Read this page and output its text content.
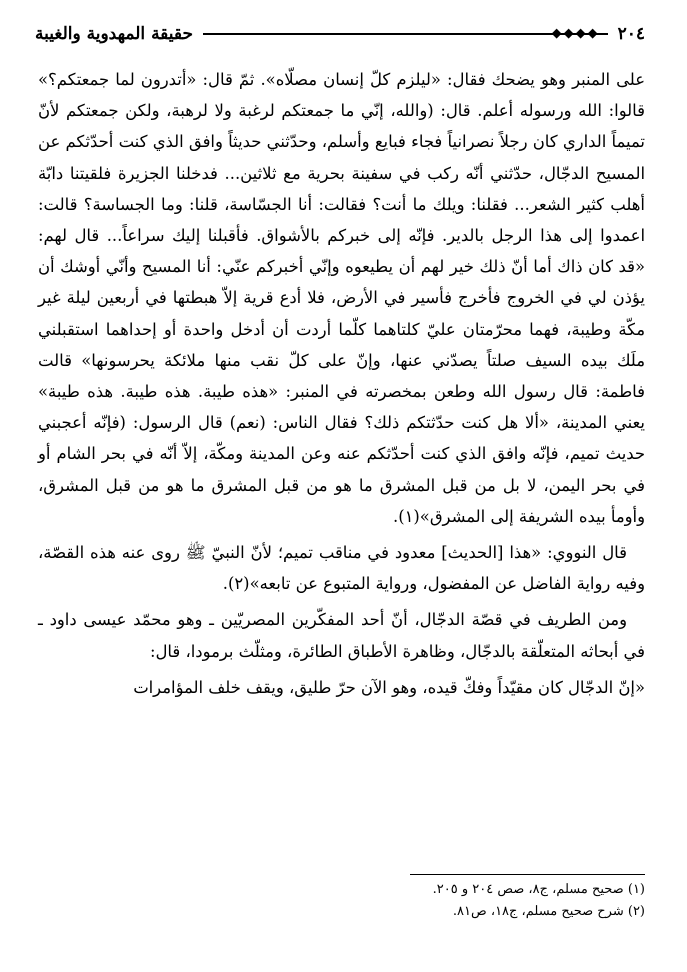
٢٠٤
◆◆◆◆
حقيقة المهدوية والغيبة

على المنبر وهو يضحك فقال: «ليلزم كلّ إنسان مصلّاه». ثمّ قال: «أتدرون لما جمعتكم؟» قالوا: الله ورسوله أعلم. قال: (والله، إنّي ما جمعتكم لرغبة ولا لرهبة، ولكن جمعتكم لأنّ تميماً الداري كان رجلاً نصرانياً فجاء فبايع وأسلم، وحدّثني حديثاً وافق الذي كنت أحدّثكم عن المسيح الدجّال، حدّثني أنّه ركب في سفينة بحرية مع ثلاثين... فدخلنا الجزيرة فلقيتنا دابّة أهلب كثير الشعر... فقلنا: ويلك ما أنت؟ فقالت: أنا الجسّاسة، قلنا: وما الجساسة؟ قالت: اعمدوا إلى هذا الرجل بالدير. فإنّه إلى خبركم بالأشواق. فأقبلنا إليك سراعاً... قال لهم: «قد كان ذاك أما أنّ ذلك خير لهم أن يطيعوه وإنّي أخبركم عنّي: أنا المسيح وأنّي أوشك أن يؤذن لي في الخروج فأخرج فأسير في الأرض، فلا أدع قرية إلاّ هبطتها في أربعين ليلة غير مكّة وطيبة، فهما محرّمتان عليّ كلتاهما كلّما أردت أن أدخل واحدة أو إحداهما استقبلني ملَك بيده السيف صلتاً يصدّني عنها، وإنّ على كلّ نقب منها ملائكة يحرسونها» قالت فاطمة: قال رسول الله وطعن بمخصرته في المنبر: «هذه طيبة. هذه طيبة. هذه طيبة» يعني المدينة، «ألا هل كنت حدّثتكم ذلك؟ فقال الناس: (نعم) قال الرسول: (فإنّه أعجبني حديث تميم، فإنّه وافق الذي كنت أحدّثكم عنه وعن المدينة ومكّة، إلاّ أنّه في بحر الشام أو في بحر اليمن، لا بل من قبل المشرق ما هو من قبل المشرق ما هو من قبل المشرق، وأومأ بيده الشريفة إلى المشرق»(١).

قال النووي: «هذا [الحديث] معدود في مناقب تميم؛ لأنّ النبيّ ﷺ روى عنه هذه القصّة، وفيه رواية الفاضل عن المفضول، ورواية المتبوع عن تابعه»(٢).

ومن الطريف في قصّة الدجّال، أنّ أحد المفكّرين المصريّين ـ وهو محمّد عيسى داود ـ في أبحاثه المتعلّقة بالدجّال، وظاهرة الأطباق الطائرة، ومثلّث برمودا، قال:

«إنّ الدجّال كان مقيّداً وفكّ قيده، وهو الآن حرّ طليق، ويقف خلف المؤامرات

(١) صحيح مسلم، ج٨، صص ٢٠٤ و ٢٠٥.
(٢) شرح صحيح مسلم، ج١٨، ص٨١.
